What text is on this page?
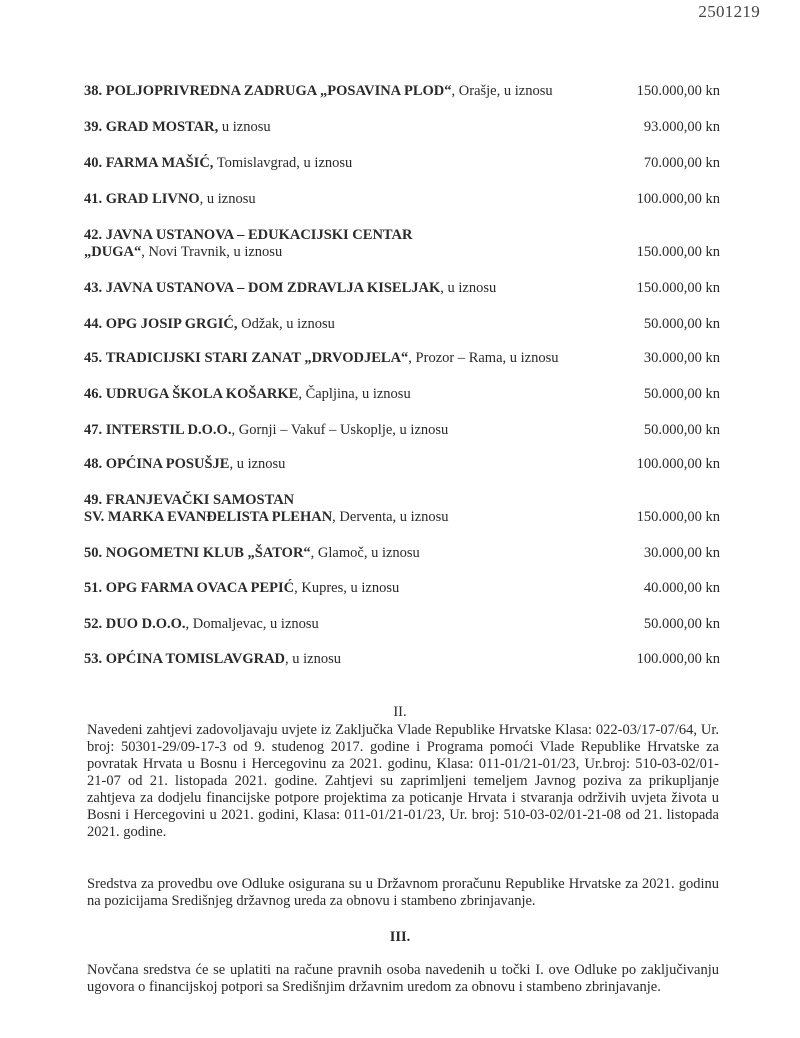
2501219
38. POLJOPRIVREDNA ZADRUGA „POSAVINA PLOD“, Orašje, u iznosu	150.000,00 kn
39. GRAD MOSTAR, u iznosu	93.000,00 kn
40. FARMA MAŠIĆ, Tomislavgrad, u iznosu	70.000,00 kn
41. GRAD LIVNO, u iznosu	100.000,00 kn
42. JAVNA USTANOVA – EDUKACIJSKI CENTAR
„DUGA“, Novi Travnik, u iznosu	150.000,00 kn
43. JAVNA USTANOVA – DOM ZDRAVLJA KISELJAK, u iznosu	150.000,00 kn
44. OPG JOSIP GRGIĆ, Odžak, u iznosu	50.000,00 kn
45. TRADICIJSKI STARI ZANAT „DRVODJELA“, Prozor – Rama, u iznosu	30.000,00 kn
46. UDRUGA ŠKOLA KOŠARKE, Čapljina, u iznosu	50.000,00 kn
47. INTERSTIL D.O.O., Gornji – Vakuf – Uskoplje, u iznosu	50.000,00 kn
48. OPĆINA POSUŠJE, u iznosu	100.000,00 kn
49. FRANJEVAČKI SAMOSTAN
SV. MARKA EVANĐELISTA PLEHAN, Derventa, u iznosu	150.000,00 kn
50. NOGOMETNI KLUB „ŠATOR“, Glamoč, u iznosu	30.000,00 kn
51. OPG FARMA OVACA PEPIĆ, Kupres, u iznosu	40.000,00 kn
52. DUO D.O.O., Domaljevac, u iznosu	50.000,00 kn
53. OPĆINA TOMISLAVGRAD, u iznosu	100.000,00 kn
II.
Navedeni zahtjevi zadovoljavaju uvjete iz Zaključka Vlade Republike Hrvatske Klasa: 022-03/17-07/64, Ur. broj: 50301-29/09-17-3 od 9. studenog 2017. godine i Programa pomoći Vlade Republike Hrvatske za povratak Hrvata u Bosnu i Hercegovinu za 2021. godinu, Klasa: 011-01/21-01/23, Ur.broj: 510-03-02/01-21-07 od 21. listopada 2021. godine. Zahtjevi su zaprimljeni temeljem Javnog poziva za prikupljanje zahtjeva za dodjelu financijske potpore projektima za poticanje Hrvata i stvaranja održivih uvjeta života u Bosni i Hercegovini u 2021. godini, Klasa: 011-01/21-01/23, Ur. broj: 510-03-02/01-21-08 od 21. listopada 2021. godine.
Sredstva za provedbu ove Odluke osigurana su u Državnom proračunu Republike Hrvatske za 2021. godinu na pozicijama Središnjeg državnog ureda za obnovu i stambeno zbrinjavanje.
III.
Novčana sredstva će se uplatiti na račune pravnih osoba navedenih u točki I. ove Odluke po zaključivanju ugovora o financijskoj potpori sa Središnjim državnim uredom za obnovu i stambeno zbrinjavanje.
